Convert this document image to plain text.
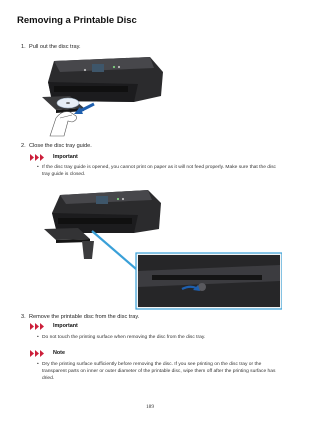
Removing a Printable Disc
1. Pull out the disc tray.
2. Close the disc tray guide.
Important
• If the disc tray guide is opened, you cannot print on paper as it will not feed properly. Make sure that the disc tray guide is closed.
3. Remove the printable disc from the disc tray.
Important
• Do not touch the printing surface when removing the disc from the disc tray.
Note
• Dry the printing surface sufficiently before removing the disc. If you see printing on the disc tray or the transparent parts on inner or outer diameter of the printable disc, wipe them off after the printing surface has dried.
189
